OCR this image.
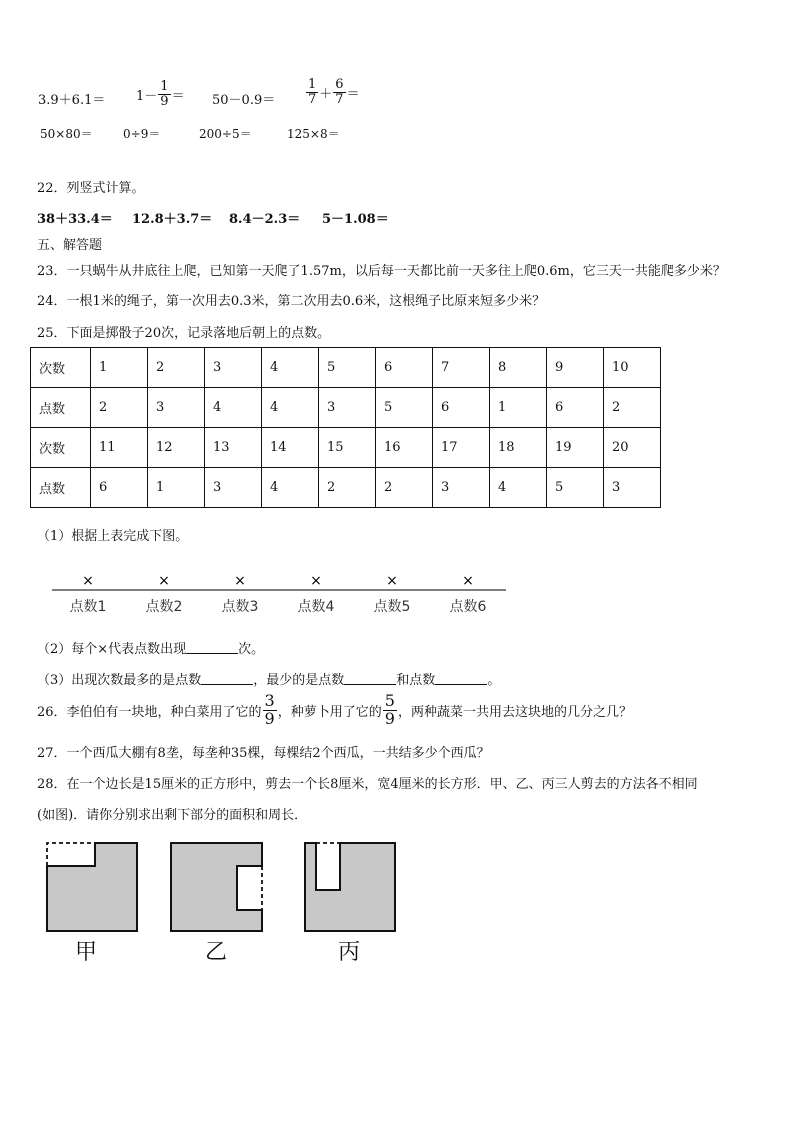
$3.9+6.1= 1- \frac{1}{9} = 50-0.9= \frac{1}{7} + \frac{6}{7}$ ＝
50×80＝	0÷9＝	200÷5＝	125×8＝
22．列竖式计算。
38＋33.4＝ 12.8＋3.7＝ 8.4－2.3＝ 5－1.08＝
五、解答题
23．一只蜗牛从井底往上爬，已知第一天爬了1.57m，以后每一天都比前一天多往上爬0.6m，它三天一共能爬多少米？
24．一根1米的绳子，第一次用去0.3米，第二次用去0.6米，这根绳子比原来短多少米？
25．下面是掷骰子20次，记录落地后朝上的点数。
次数	1	2	3	4	5	6	7	8	9	10
点数	2	3	4	4	3	5	6	1	6	2
次数	11	12	13	14	15	16	17	18	19	20
点数	6	1	3	4	2	2	3	4	5	3
（1）根据上表完成下图。
×
点数1
×
点数2
×
点数3
×
点数4
×
点数5
×
点数6
（2）每个×代表点数出现	次。
（3）出现次数最多的是点数	，最少的是点数	和点数	。
26．李伯伯有一块地，种白菜用了它的 $\frac{3}{9}$ ，种萝卜用了它的 $\frac{5}{9}$ ，两种蔬菜一共用去这块地的几分之几？
27．一个西瓜大棚有8垄，每垄种35棵，每棵结2个西瓜，一共结多少个西瓜？
28．在一个边长是15厘米的正方形中，剪去一个长8厘米，宽4厘米的长方形．甲、乙、丙三人剪去的方法各不相同
(如图)．请你分别求出剩下部分的面积和周长．
甲	乙	丙
